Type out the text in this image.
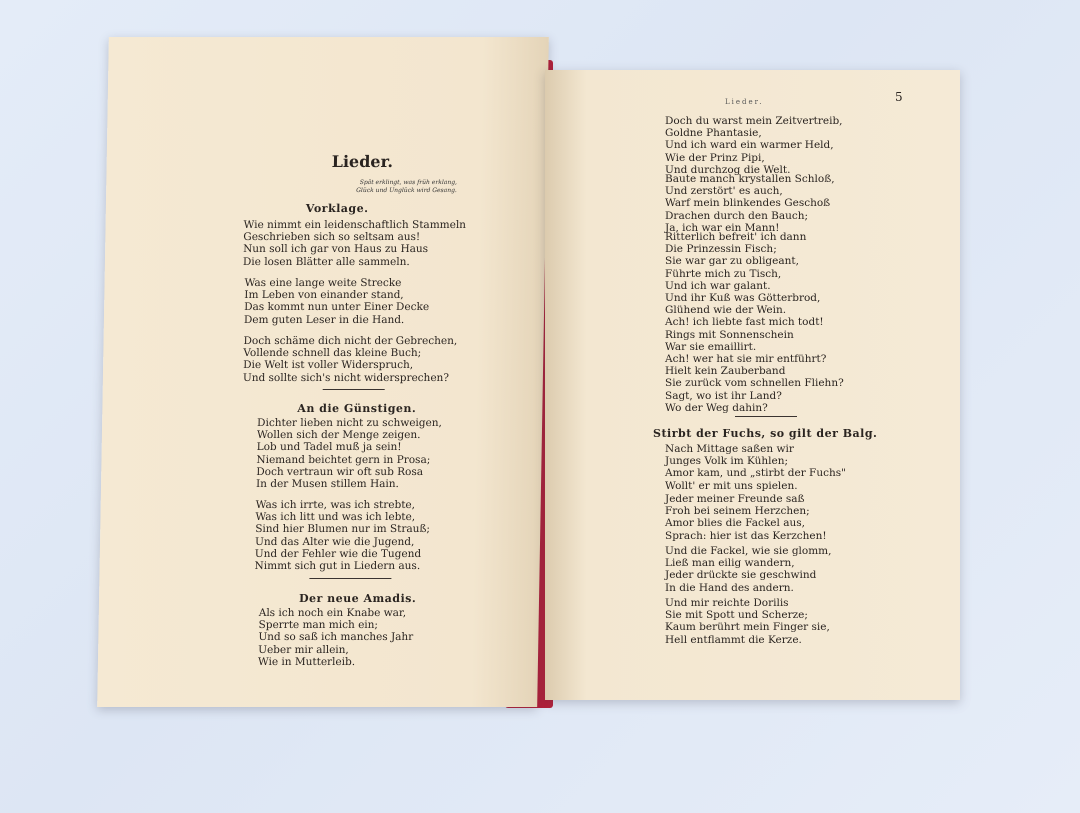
Lieder.
Spät erklingt, was früh erklang,
Glück und Unglück wird Gesang.
Vorklage.
Wie nimmt ein leidenschaftlich Stammeln
Geschrieben sich so seltsam aus!
Nun soll ich gar von Haus zu Haus
Die losen Blätter alle sammeln.
Was eine lange weite Strecke
Im Leben von einander stand,
Das kommt nun unter Einer Decke
Dem guten Leser in die Hand.
Doch schäme dich nicht der Gebrechen,
Vollende schnell das kleine Buch;
Die Welt ist voller Widerspruch,
Und sollte sich's nicht widersprechen?
An die Günstigen.
Dichter lieben nicht zu schweigen,
Wollen sich der Menge zeigen.
Lob und Tadel muß ja sein!
Niemand beichtet gern in Prosa;
Doch vertraun wir oft sub Rosa
In der Musen stillem Hain.
Was ich irrte, was ich strebte,
Was ich litt und was ich lebte,
Sind hier Blumen nur im Strauß;
Und das Alter wie die Jugend,
Und der Fehler wie die Tugend
Nimmt sich gut in Liedern aus.
Der neue Amadis.
Als ich noch ein Knabe war,
Sperrte man mich ein;
Und so saß ich manches Jahr
Ueber mir allein,
Wie in Mutterleib.
Lieder.	5
Doch du warst mein Zeitvertreib,
Goldne Phantasie,
Und ich ward ein warmer Held,
Wie der Prinz Pipi,
Und durchzog die Welt.
Baute manch krystallen Schloß,
Und zerstört' es auch,
Warf mein blinkendes Geschoß
Drachen durch den Bauch;
Ja, ich war ein Mann!
Ritterlich befreit' ich dann
Die Prinzessin Fisch;
Sie war gar zu obligeant,
Führte mich zu Tisch,
Und ich war galant.
Und ihr Kuß was Götterbrod,
Glühend wie der Wein.
Ach! ich liebte fast mich todt!
Rings mit Sonnenschein
War sie emaillirt.
Ach! wer hat sie mir entführt?
Hielt kein Zauberband
Sie zurück vom schnellen Fliehn?
Sagt, wo ist ihr Land?
Wo der Weg dahin?
Stirbt der Fuchs, so gilt der Balg.
Nach Mittage saßen wir
Junges Volk im Kühlen;
Amor kam, und „stirbt der Fuchs"
Wollt' er mit uns spielen.
Jeder meiner Freunde saß
Froh bei seinem Herzchen;
Amor blies die Fackel aus,
Sprach: hier ist das Kerzchen!
Und die Fackel, wie sie glomm,
Ließ man eilig wandern,
Jeder drückte sie geschwind
In die Hand des andern.
Und mir reichte Dorilis
Sie mit Spott und Scherze;
Kaum berührt mein Finger sie,
Hell entflammt die Kerze.
